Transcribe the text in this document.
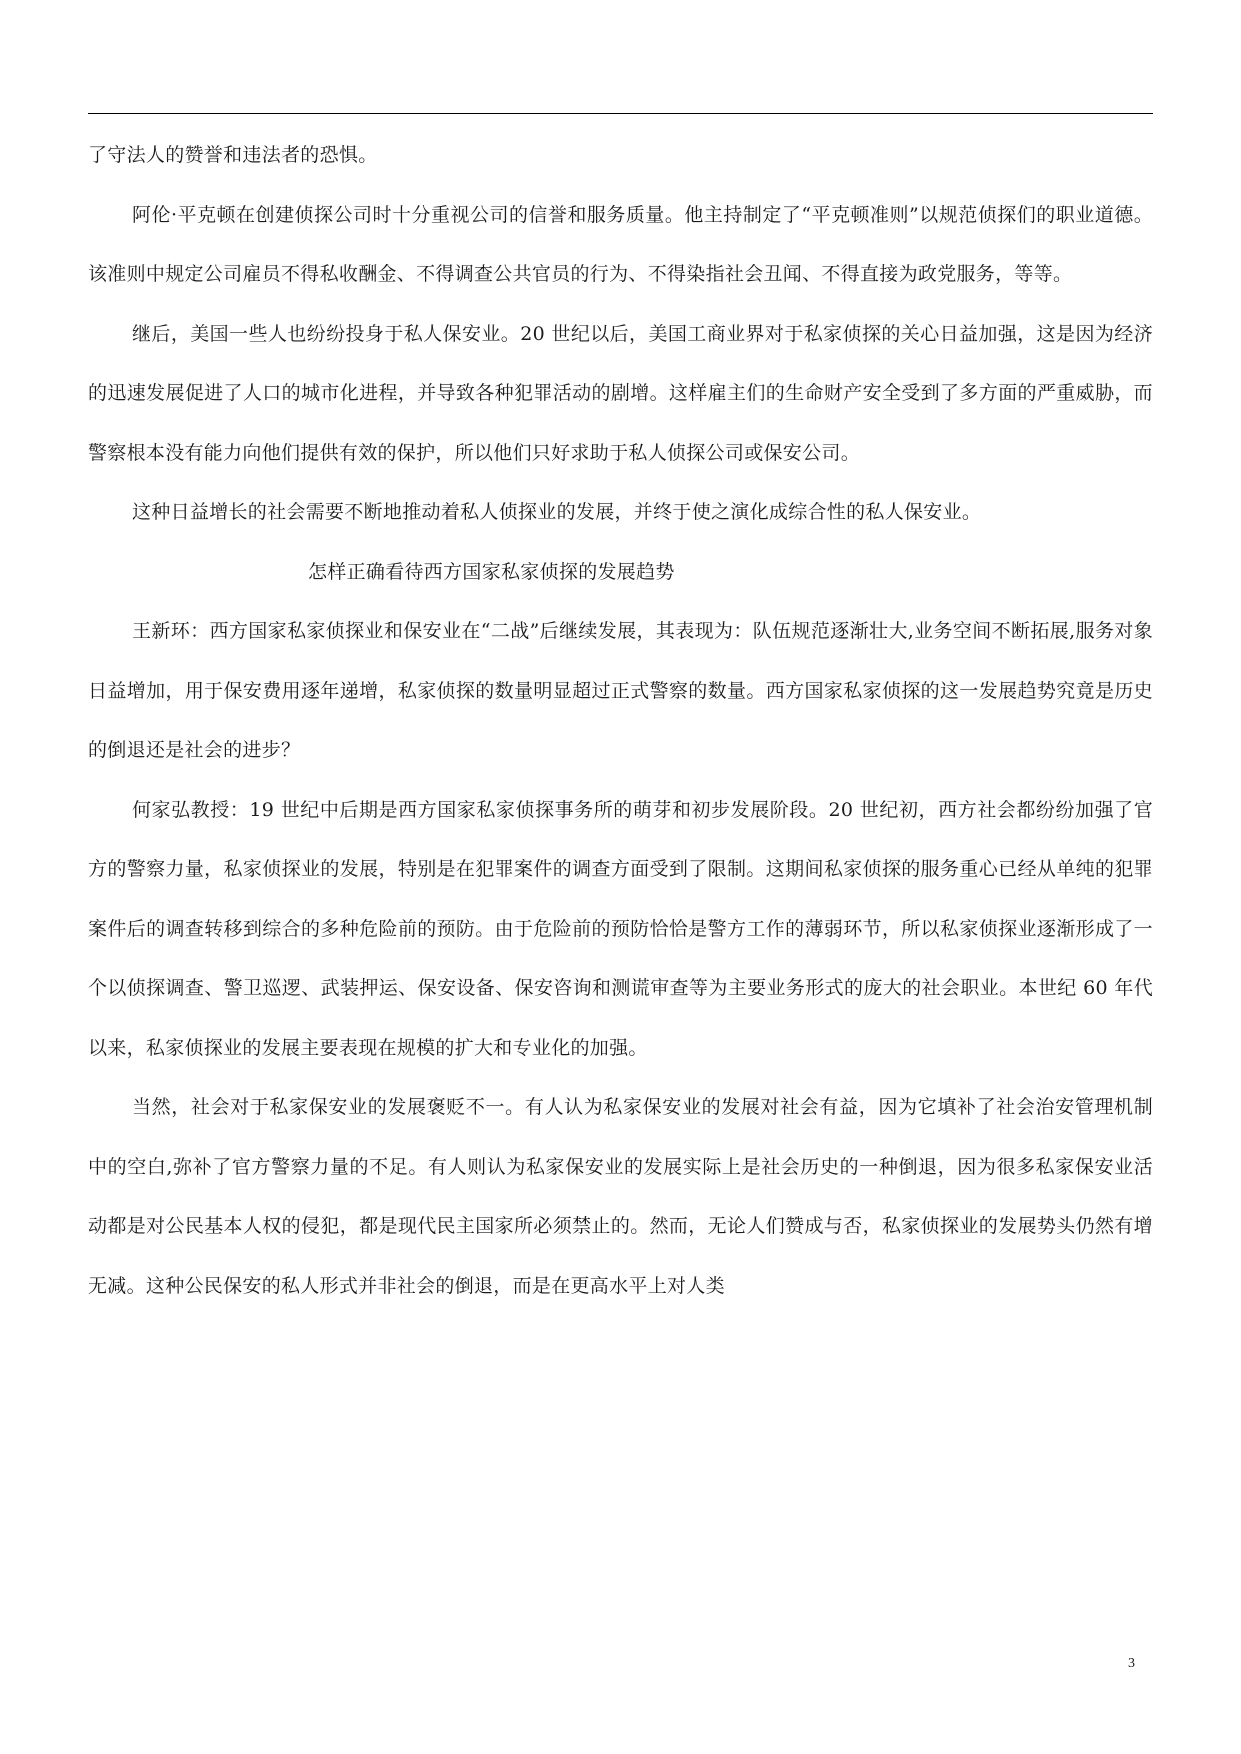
了守法人的赞誉和违法者的恐惧。

阿伦·平克顿在创建侦探公司时十分重视公司的信誉和服务质量。他主持制定了“平克顿准则”以规范侦探们的职业道德。该准则中规定公司雇员不得私收酬金、不得调查公共官员的行为、不得染指社会丑闻、不得直接为政党服务，等等。

继后，美国一些人也纷纷投身于私人保安业。20 世纪以后，美国工商业界对于私家侦探的关心日益加强，这是因为经济的迅速发展促进了人口的城市化进程，并导致各种犯罪活动的剧增。这样雇主们的生命财产安全受到了多方面的严重威胁，而警察根本没有能力向他们提供有效的保护，所以他们只好求助于私人侦探公司或保安公司。

这种日益增长的社会需要不断地推动着私人侦探业的发展，并终于使之演化成综合性的私人保安业。

怎样正确看待西方国家私家侦探的发展趋势

王新环：西方国家私家侦探业和保安业在“二战”后继续发展，其表现为：队伍规范逐渐壮大,业务空间不断拓展,服务对象日益增加，用于保安费用逐年递增，私家侦探的数量明显超过正式警察的数量。西方国家私家侦探的这一发展趋势究竟是历史的倒退还是社会的进步？

何家弘教授：19 世纪中后期是西方国家私家侦探事务所的萌芽和初步发展阶段。20 世纪初，西方社会都纷纷加强了官方的警察力量，私家侦探业的发展，特别是在犯罪案件的调查方面受到了限制。这期间私家侦探的服务重心已经从单纯的犯罪案件后的调查转移到综合的多种危险前的预防。由于危险前的预防恰恰是警方工作的薄弱环节，所以私家侦探业逐渐形成了一个以侦探调查、警卫巡逻、武装押运、保安设备、保安咨询和测谎审查等为主要业务形式的庞大的社会职业。本世纪 60 年代以来，私家侦探业的发展主要表现在规模的扩大和专业化的加强。

当然，社会对于私家保安业的发展褒贬不一。有人认为私家保安业的发展对社会有益，因为它填补了社会治安管理机制中的空白,弥补了官方警察力量的不足。有人则认为私家保安业的发展实际上是社会历史的一种倒退，因为很多私家保安业活动都是对公民基本人权的侵犯，都是现代民主国家所必须禁止的。然而，无论人们赞成与否，私家侦探业的发展势头仍然有增无减。这种公民保安的私人形式并非社会的倒退，而是在更高水平上对人类

3
